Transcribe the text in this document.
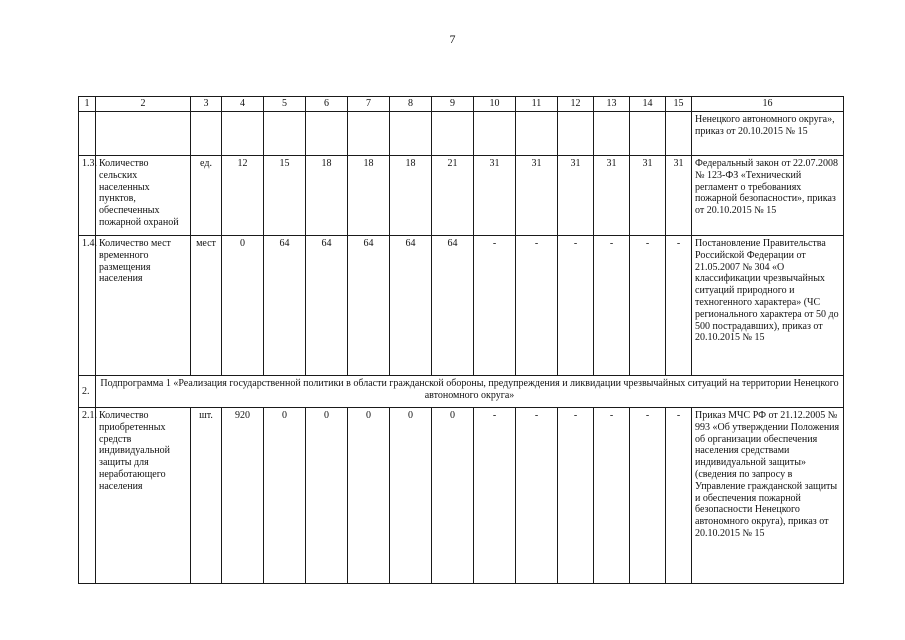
7
1	2	3	4	5	6	7	8	9	10	11	12	13	14	15	16
															Ненецкого автономного округа», приказ от 20.10.2015 № 15
1.3.	Количество сельских населенных пунктов, обеспеченных пожарной охраной	ед.	12	15	18	18	18	21	31	31	31	31	31	31	Федеральный закон от 22.07.2008 № 123-ФЗ «Технический регламент о требованиях пожарной безопасности», приказ от 20.10.2015 № 15
1.4.	Количество мест временного размещения населения	мест	0	64	64	64	64	64	-	-	-	-	-	-	Постановление Правительства Российской Федерации от 21.05.2007 № 304 «О классификации чрезвычайных ситуаций природного и техногенного характера» (ЧС регионального характера от 50 до 500 пострадавших), приказ от 20.10.2015 № 15
2.	Подпрограмма 1 «Реализация государственной политики в области гражданской обороны, предупреждения и ликвидации чрезвычайных ситуаций на территории Ненецкого автономного округа»														
2.1.	Количество приобретенных средств индивидуальной защиты для неработающего населения	шт.	920	0	0	0	0	0	-	-	-	-	-	-	Приказ МЧС РФ от 21.12.2005 № 993 «Об утверждении Положения об организации обеспечения населения средствами индивидуальной защиты» (сведения по запросу в Управление гражданской защиты и обеспечения пожарной безопасности Ненецкого автономного округа), приказ от 20.10.2015 № 15
